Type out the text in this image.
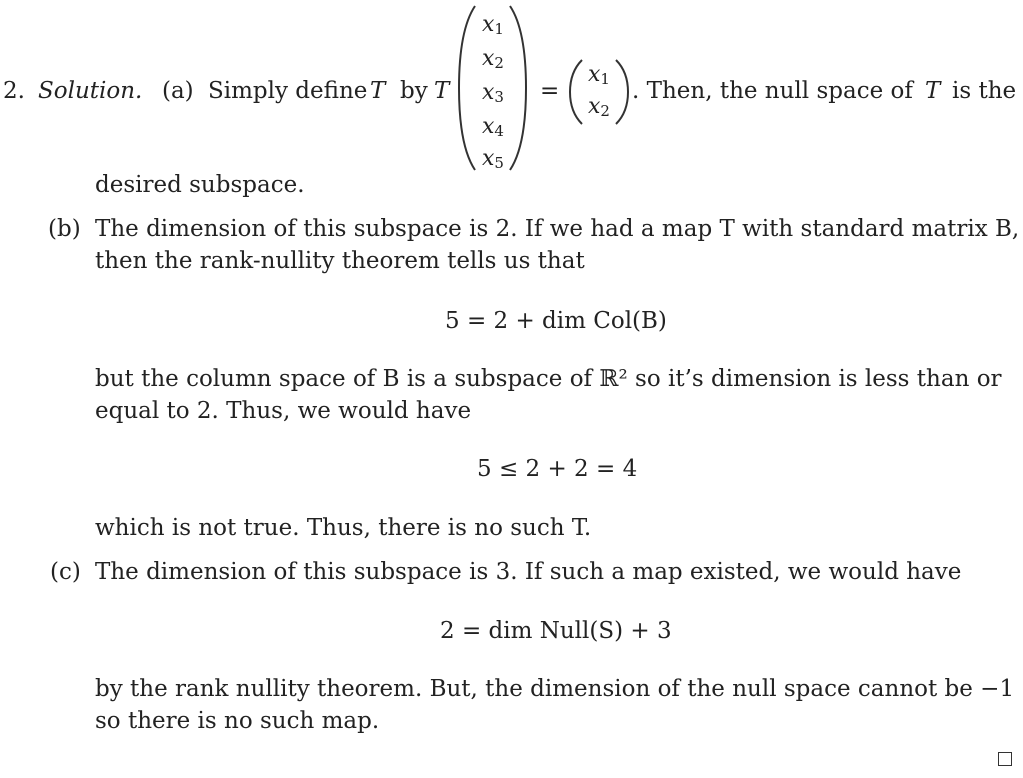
2. Solution. (a) Simply define T by T
$x_1$
$x_2$
$x_3$
$x_4$
$x_5$
=
$x_1$
$x_2$
. Then, the null space of T is the
desired subspace.
(b) The dimension of this subspace is 2. If we had a map T with standard matrix B,
then the rank-nullity theorem tells us that
5 = 2 + dim Col(B)
but the column space of B is a subspace of ℝ² so it’s dimension is less than or
equal to 2. Thus, we would have
5 ≤ 2 + 2 = 4
which is not true. Thus, there is no such T.
(c) The dimension of this subspace is 3. If such a map existed, we would have
2 = dim Null(S) + 3
by the rank nullity theorem. But, the dimension of the null space cannot be −1
so there is no such map.
